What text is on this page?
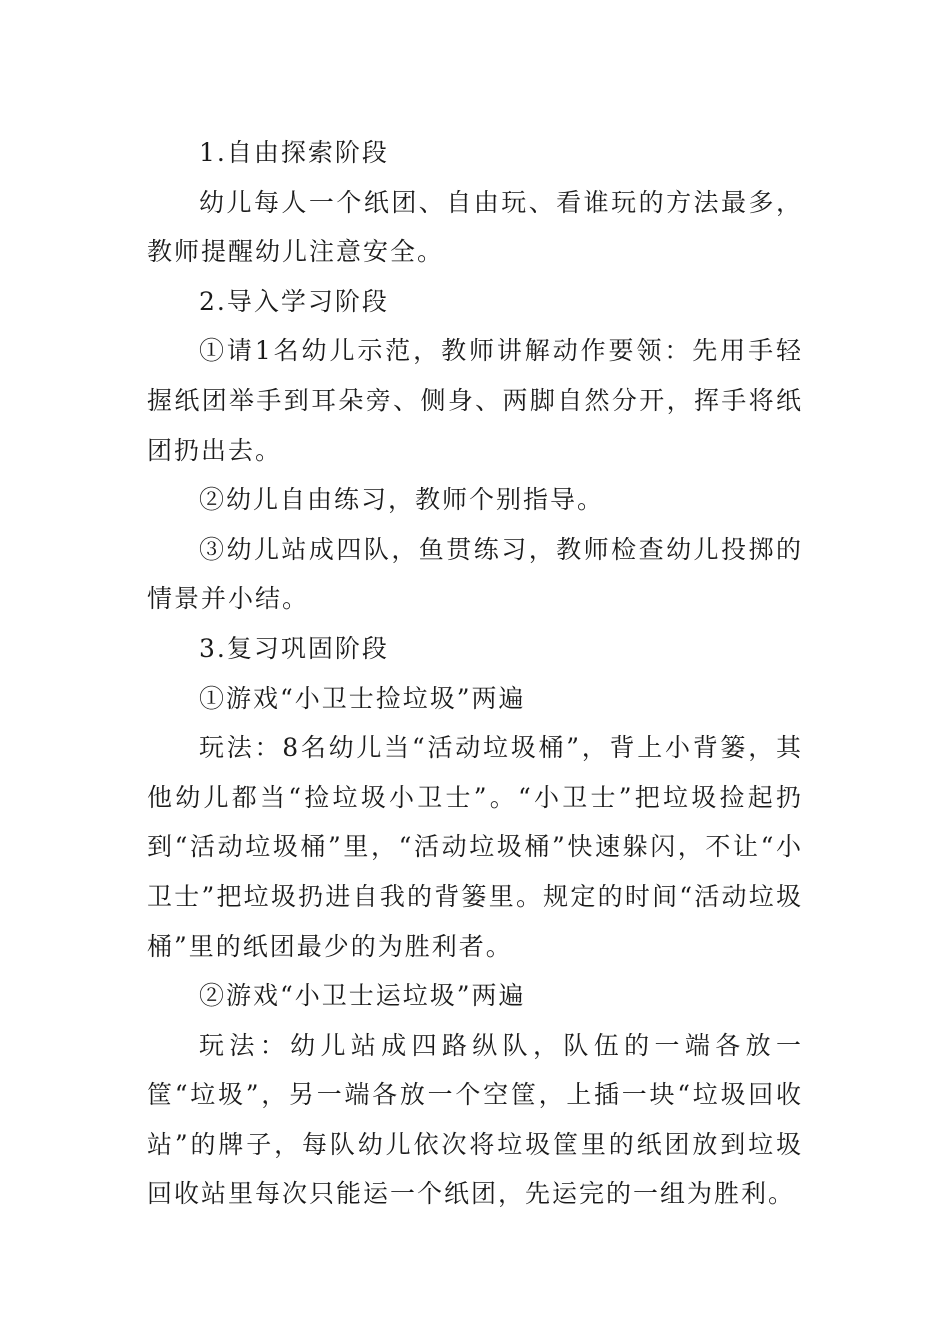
1.自由探索阶段

幼儿每人一个纸团、自由玩、看谁玩的方法最多，教师提醒幼儿注意安全。

2.导入学习阶段

①请1名幼儿示范，教师讲解动作要领：先用手轻握纸团举手到耳朵旁、侧身、两脚自然分开，挥手将纸团扔出去。

②幼儿自由练习，教师个别指导。

③幼儿站成四队，鱼贯练习，教师检查幼儿投掷的情景并小结。

3.复习巩固阶段

①游戏“小卫士捡垃圾”两遍

玩法：8名幼儿当“活动垃圾桶”，背上小背篓，其他幼儿都当“捡垃圾小卫士”。“小卫士”把垃圾捡起扔到“活动垃圾桶”里，“活动垃圾桶”快速躲闪，不让“小卫士”把垃圾扔进自我的背篓里。规定的时间“活动垃圾桶”里的纸团最少的为胜利者。

②游戏“小卫士运垃圾”两遍

玩法：幼儿站成四路纵队，队伍的一端各放一筐“垃圾”，另一端各放一个空筐，上插一块“垃圾回收站”的牌子，每队幼儿依次将垃圾筐里的纸团放到垃圾回收站里每次只能运一个纸团，先运完的一组为胜利。
